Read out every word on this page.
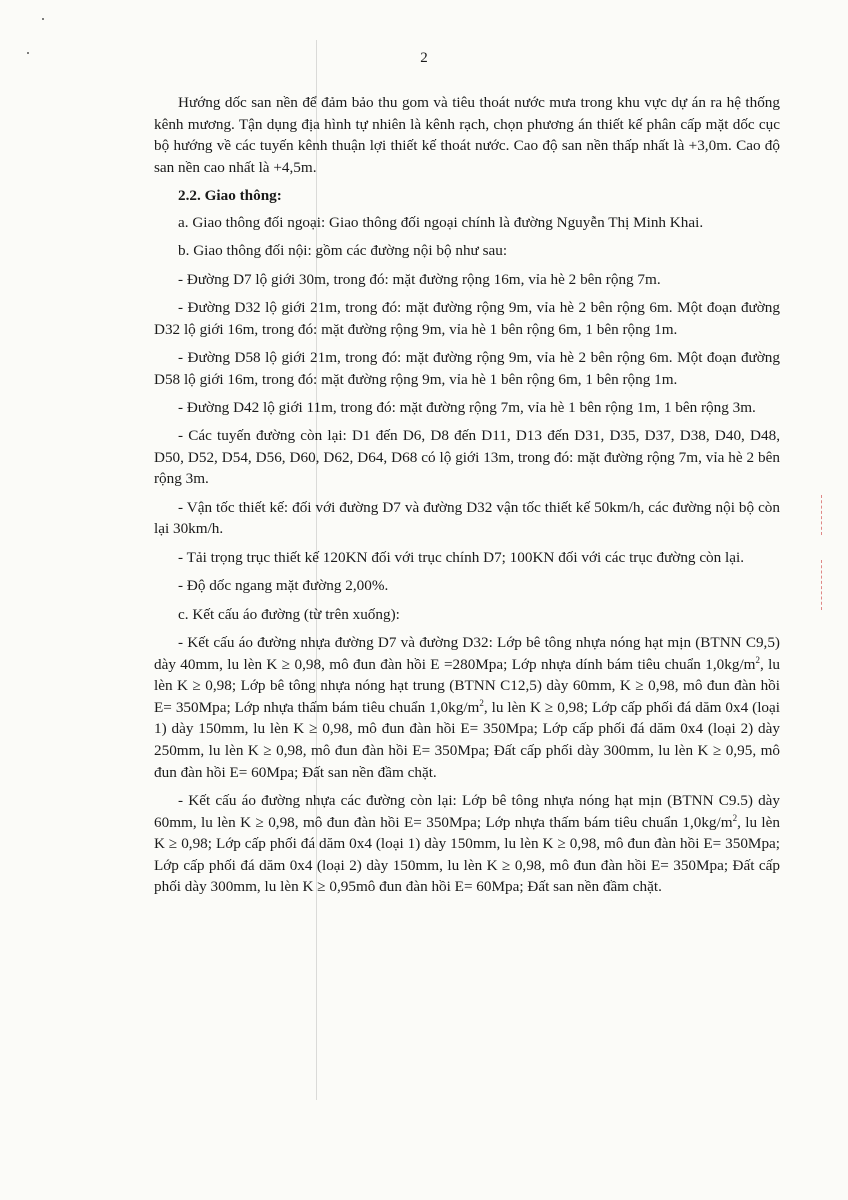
2

Hướng dốc san nền để đảm bảo thu gom và tiêu thoát nước mưa trong khu vực dự án ra hệ thống kênh mương. Tận dụng địa hình tự nhiên là kênh rạch, chọn phương án thiết kế phân cấp mặt dốc cục bộ hướng về các tuyến kênh thuận lợi thiết kế thoát nước. Cao độ san nền thấp nhất là +3,0m. Cao độ san nền cao nhất là +4,5m.

2.2. Giao thông:

a. Giao thông đối ngoại: Giao thông đối ngoại chính là đường Nguyễn Thị Minh Khai.

b. Giao thông đối nội: gồm các đường nội bộ như sau:

- Đường D7 lộ giới 30m, trong đó: mặt đường rộng 16m, vỉa hè 2 bên rộng 7m.

- Đường D32 lộ giới 21m, trong đó: mặt đường rộng 9m, vỉa hè 2 bên rộng 6m. Một đoạn đường D32 lộ giới 16m, trong đó: mặt đường rộng 9m, vỉa hè 1 bên rộng 6m, 1 bên rộng 1m.

- Đường D58 lộ giới 21m, trong đó: mặt đường rộng 9m, vỉa hè 2 bên rộng 6m. Một đoạn đường D58 lộ giới 16m, trong đó: mặt đường rộng 9m, vỉa hè 1 bên rộng 6m, 1 bên rộng 1m.

- Đường D42 lộ giới 11m, trong đó: mặt đường rộng 7m, vỉa hè 1 bên rộng 1m, 1 bên rộng 3m.

- Các tuyến đường còn lại: D1 đến D6, D8 đến D11, D13 đến D31, D35, D37, D38, D40, D48, D50, D52, D54, D56, D60, D62, D64, D68 có lộ giới 13m, trong đó: mặt đường rộng 7m, vỉa hè 2 bên rộng 3m.

- Vận tốc thiết kế: đối với đường D7 và đường D32 vận tốc thiết kế 50km/h, các đường nội bộ còn lại 30km/h.

- Tải trọng trục thiết kế 120KN đối với trục chính D7; 100KN đối với các trục đường còn lại.

- Độ dốc ngang mặt đường 2,00%.

c. Kết cấu áo đường (từ trên xuống):

- Kết cấu áo đường nhựa đường D7 và đường D32: Lớp bê tông nhựa nóng hạt mịn (BTNN C9,5) dày 40mm, lu lèn K ≥ 0,98, mô đun đàn hồi E =280Mpa; Lớp nhựa dính bám tiêu chuẩn $1,0kg/m^2$, lu lèn K ≥ 0,98; Lớp bê tông nhựa nóng hạt trung (BTNN C12,5) dày 60mm, K ≥ 0,98, mô đun đàn hồi E= 350Mpa; Lớp nhựa thấm bám tiêu chuẩn $1,0kg/m^2$, lu lèn K ≥ 0,98; Lớp cấp phối đá dăm 0x4 (loại 1) dày 150mm, lu lèn K ≥ 0,98, mô đun đàn hồi E= 350Mpa; Lớp cấp phối đá dăm 0x4 (loại 2) dày 250mm, lu lèn K ≥ 0,98, mô đun đàn hồi E= 350Mpa; Đất cấp phối dày 300mm, lu lèn K ≥ 0,95, mô đun đàn hồi E= 60Mpa; Đất san nền đầm chặt.

- Kết cấu áo đường nhựa các đường còn lại: Lớp bê tông nhựa nóng hạt mịn (BTNN C9.5) dày 60mm, lu lèn K ≥ 0,98, mô đun đàn hồi E= 350Mpa; Lớp nhựa thấm bám tiêu chuẩn $1,0kg/m^2$, lu lèn K ≥ 0,98; Lớp cấp phối đá dăm 0x4 (loại 1) dày 150mm, lu lèn K ≥ 0,98, mô đun đàn hồi E= 350Mpa; Lớp cấp phối đá dăm 0x4 (loại 2) dày 150mm, lu lèn K ≥ 0,98, mô đun đàn hồi E= 350Mpa; Đất cấp phối dày 300mm, lu lèn K ≥ 0,95mô đun đàn hồi E= 60Mpa; Đất san nền đầm chặt.
